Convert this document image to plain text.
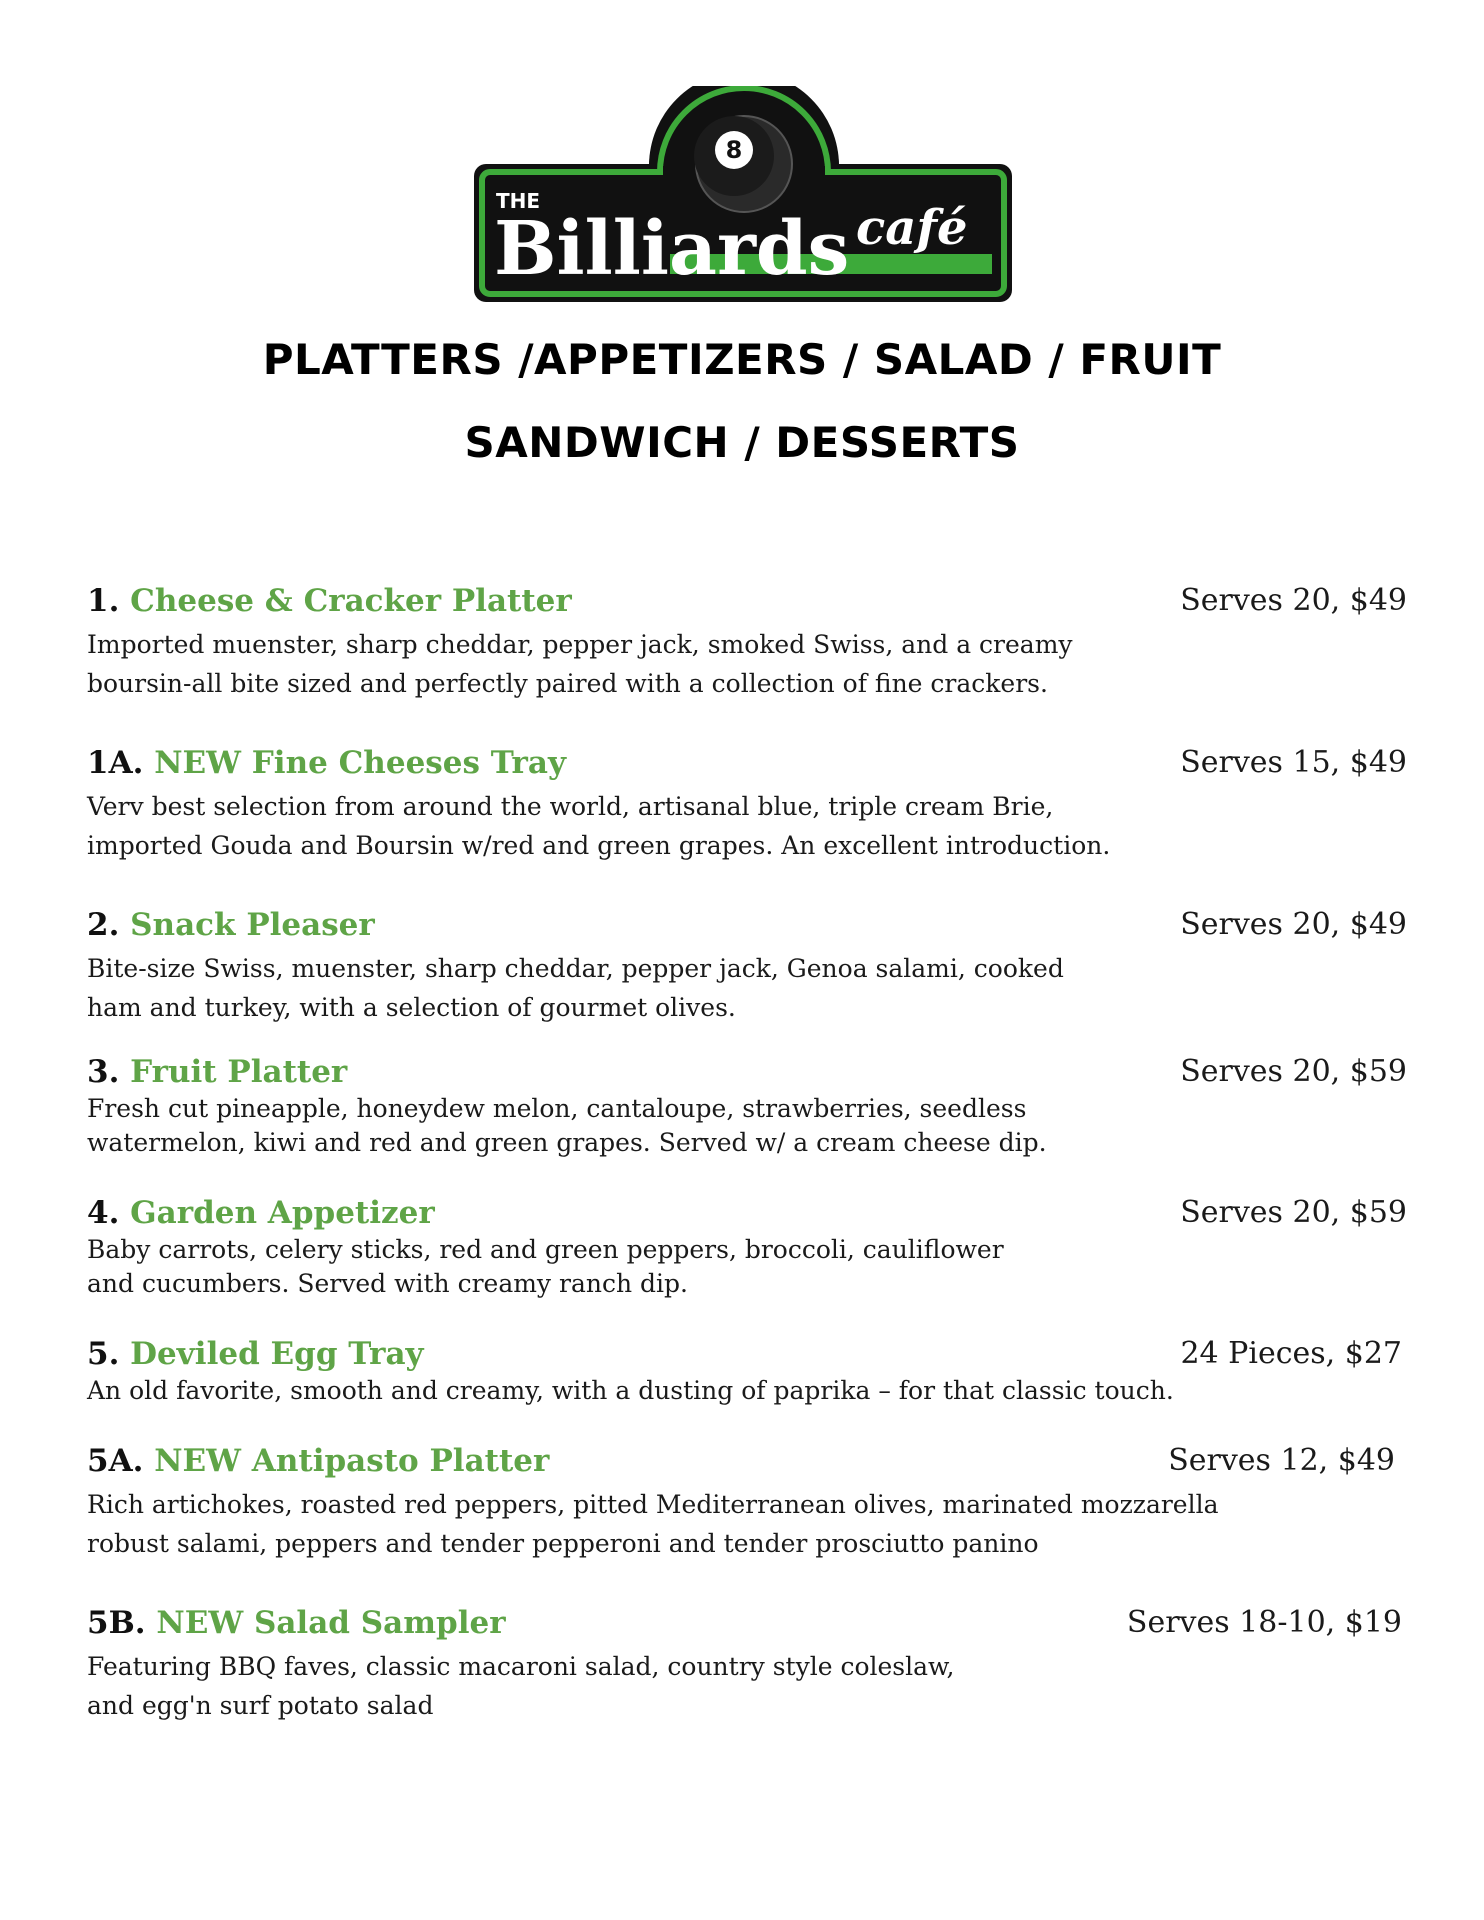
THE
Billiards café
8
PLATTERS /APPETIZERS / SALAD / FRUIT
SANDWICH / DESSERTS
1. Cheese & Cracker Platter	Serves 20, $49
Imported muenster, sharp cheddar, pepper jack, smoked Swiss, and a creamy
boursin-all bite sized and perfectly paired with a collection of fine crackers.
1A. NEW Fine Cheeses Tray	Serves 15, $49
Verv best selection from around the world, artisanal blue, triple cream Brie,
imported Gouda and Boursin w/red and green grapes. An excellent introduction.
2. Snack Pleaser	Serves 20, $49
Bite-size Swiss, muenster, sharp cheddar, pepper jack, Genoa salami, cooked
ham and turkey, with a selection of gourmet olives.
3. Fruit Platter	Serves 20, $59
Fresh cut pineapple, honeydew melon, cantaloupe, strawberries, seedless
watermelon, kiwi and red and green grapes. Served w/ a cream cheese dip.
4. Garden Appetizer	Serves 20, $59
Baby carrots, celery sticks, red and green peppers, broccoli, cauliflower
and cucumbers. Served with creamy ranch dip.
5. Deviled Egg Tray	24 Pieces, $27
An old favorite, smooth and creamy, with a dusting of paprika – for that classic touch.
5A. NEW Antipasto Platter	Serves 12, $49
Rich artichokes, roasted red peppers, pitted Mediterranean olives, marinated mozzarella
robust salami, peppers and tender pepperoni and tender prosciutto panino
5B. NEW Salad Sampler	Serves 18-10, $19
Featuring BBQ faves, classic macaroni salad, country style coleslaw,
and egg'n surf potato salad
